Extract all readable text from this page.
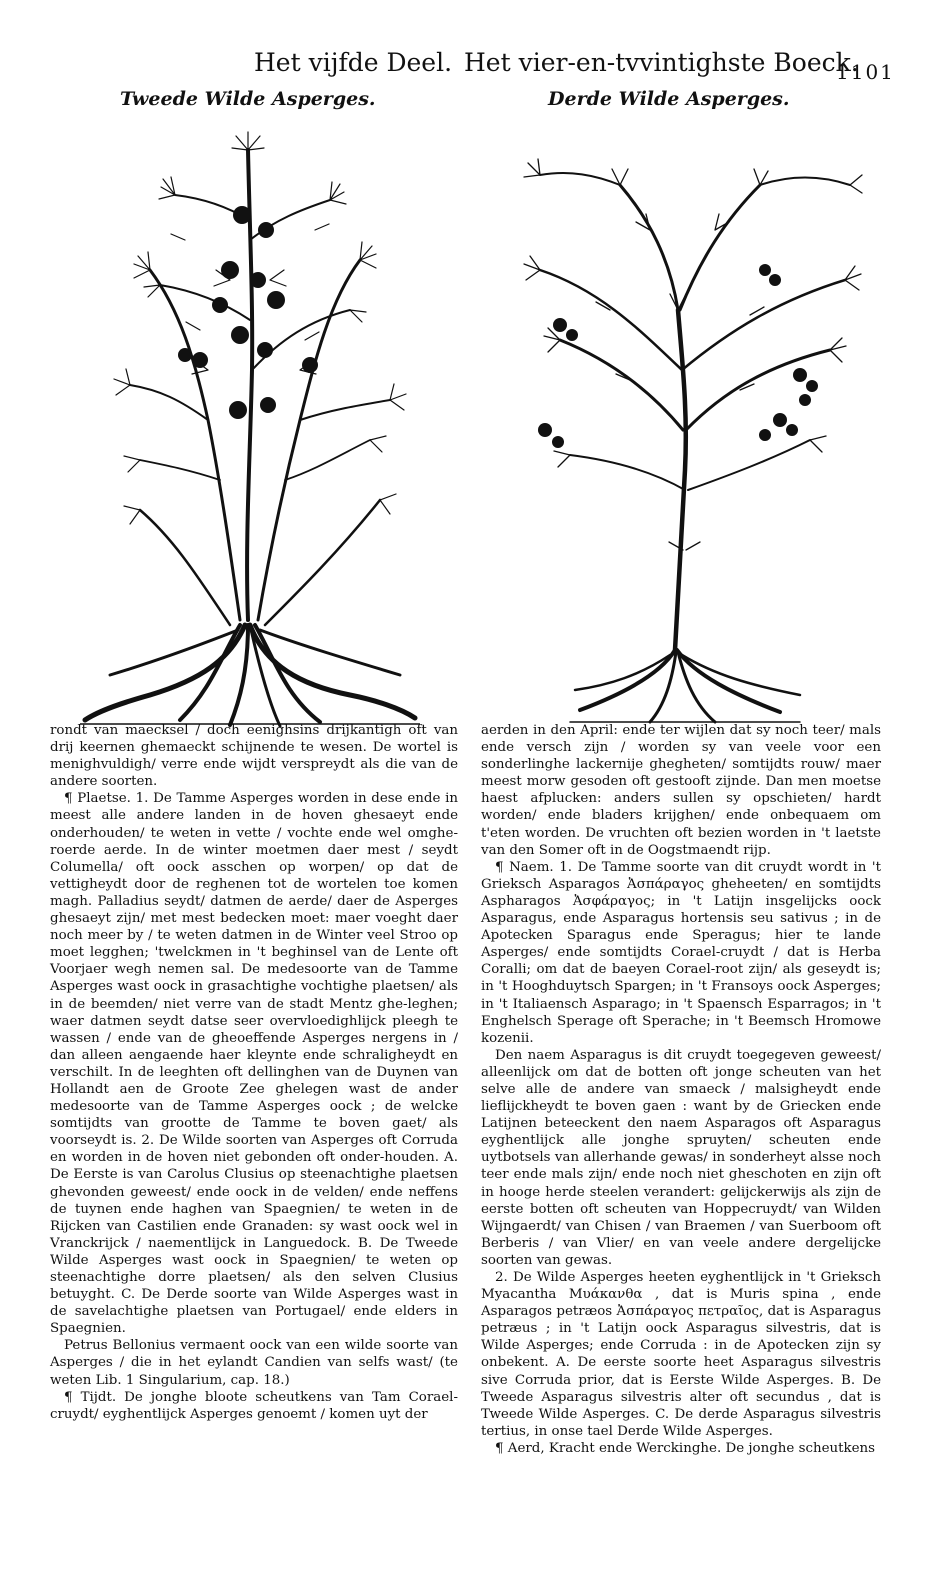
Het vijfde Deel. Het vier-en-tvvintighste Boeck.
1101
Tweede Wilde Asperges.	Derde Wilde Asperges.

rondt van maecksel / doch eenighsins drijkantigh oft van drij keernen ghemaeckt schijnende te wesen. De wortel is menighvuldigh/ verre ende wijdt verspreydt als die van de andere soorten.

¶ Plaetse. 1. De Tamme Asperges worden in dese ende in meest alle andere landen in de hoven ghesaeyt ende onderhouden/ te weten in vette / vochte ende wel omghe-roerde aerde. In de winter moetmen daer mest / seydt Columella/ oft oock asschen op worpen/ op dat de vettigheydt door de reghenen tot de wortelen toe komen magh. Palladius seydt/ datmen de aerde/ daer de Asperges ghesaeyt zijn/ met mest bedecken moet: maer voeght daer noch meer by / te weten datmen in de Winter veel Stroo op moet legghen; 'twelckmen in 't beghinsel van de Lente oft Voorjaer wegh nemen sal. De medesoorte van de Tamme Asperges wast oock in grasachtighe vochtighe plaetsen/ als in de beemden/ niet verre van de stadt Mentz ghe-leghen; waer datmen seydt datse seer overvloedighlijck pleegh te wassen / ende van de gheoeffende Asperges nergens in / dan alleen aengaende haer kleynte ende schraligheydt en verschilt. In de leeghten oft dellinghen van de Duynen van Hollandt aen de Groote Zee ghelegen wast de ander medesoorte van de Tamme Asperges oock ; de welcke somtijdts van grootte de Tamme te boven gaet/ als voorseydt is. 2. De Wilde soorten van Asperges oft Corruda en worden in de hoven niet gebonden oft onder-houden. A. De Eerste is van Carolus Clusius op steenachtighe plaetsen ghevonden geweest/ ende oock in de velden/ ende neffens de tuynen ende haghen van Spaegnien/ te weten in de Rijcken van Castilien ende Granaden: sy wast oock wel in Vranckrijck / naementlijck in Languedock. B. De Tweede Wilde Asperges wast oock in Spaegnien/ te weten op steenachtighe dorre plaetsen/ als den selven Clusius betuyght. C. De Derde soorte van Wilde Asperges wast in de savelachtighe plaetsen van Portugael/ ende elders in Spaegnien.

Petrus Bellonius vermaent oock van een wilde soorte van Asperges / die in het eylandt Candien van selfs wast/ (te weten Lib. 1 Singularium, cap. 18.)

¶ Tijdt. De jonghe bloote scheutkens van Tam Corael-cruydt/ eyghentlijck Asperges genoemt / komen uyt der

aerden in den April: ende ter wijlen dat sy noch teer/ mals ende versch zijn / worden sy van veele voor een sonderlinghe lackernije ghegheten/ somtijdts rouw/ maer meest morw gesoden oft gestooft zijnde. Dan men moetse haest afplucken: anders sullen sy opschieten/ hardt worden/ ende bladers krijghen/ ende onbequaem om t'eten worden. De vruchten oft bezien worden in 't laetste van den Somer oft in de Oogstmaendt rijp.

¶ Naem. 1. De Tamme soorte van dit cruydt wordt in 't Grieksch Asparagos Ἀσπάραγος gheheeten/ en somtijdts Aspharagos Ἀσφάραγος; in 't Latijn insgelijcks oock Asparagus, ende Asparagus hortensis seu sativus ; in de Apotecken Sparagus ende Speragus; hier te lande Asperges/ ende somtijdts Corael-cruydt / dat is Herba Coralli; om dat de baeyen Corael-root zijn/ als geseydt is; in 't Hooghduytsch Spargen; in 't Fransoys oock Asperges; in 't Italiaensch Asparago; in 't Spaensch Esparragos; in 't Enghelsch Sperage oft Sperache; in 't Beemsch Hromowe kozenii.

Den naem Asparagus is dit cruydt toegegeven geweest/ alleenlijck om dat de botten oft jonge scheuten van het selve alle de andere van smaeck / malsigheydt ende lieflijckheydt te boven gaen : want by de Griecken ende Latijnen beteeckent den naem Asparagos oft Asparagus eyghentlijck alle jonghe spruyten/ scheuten ende uytbotsels van allerhande gewas/ in sonderheyt alsse noch teer ende mals zijn/ ende noch niet gheschoten en zijn oft in hooge herde steelen verandert: gelijckerwijs als zijn de eerste botten oft scheuten van Hoppecruydt/ van Wilden Wijngaerdt/ van Chisen / van Braemen / van Suerboom oft Berberis / van Vlier/ en van veele andere dergelijcke soorten van gewas.

2. De Wilde Asperges heeten eyghentlijck in 't Grieksch Myacantha Μυάκανθα , dat is Muris spina , ende Asparagos petræos Ἀσπάραγος πετραῖος, dat is Asparagus petræus ; in 't Latijn oock Asparagus silvestris, dat is Wilde Asperges; ende Corruda : in de Apotecken zijn sy onbekent. A. De eerste soorte heet Asparagus silvestris sive Corruda prior, dat is Eerste Wilde Asperges. B. De Tweede Asparagus silvestris alter oft secundus , dat is Tweede Wilde Asperges. C. De derde Asparagus silvestris tertius, in onse tael Derde Wilde Asperges.

¶ Aerd, Kracht ende Werckinghe. De jonghe scheutkens
